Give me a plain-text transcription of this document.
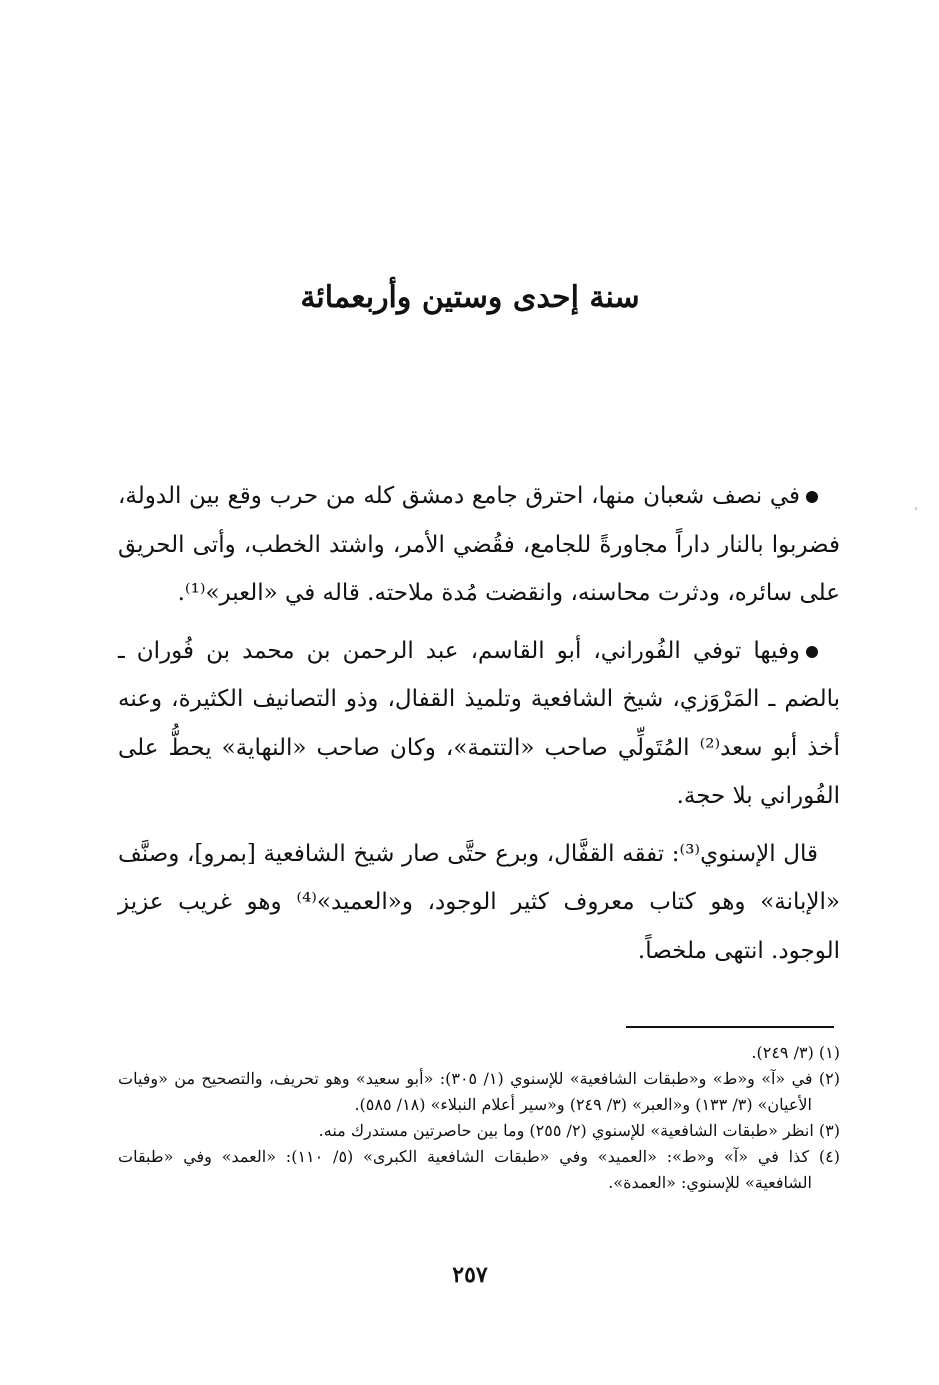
سنة إحدى وستين وأربعمائة

في نصف شعبان منها، احترق جامع دمشق كله من حرب وقع بين الدولة، فضربوا بالنار داراً مجاورةً للجامع، فقُضي الأمر، واشتد الخطب، وأتى الحريق على سائره، ودثرت محاسنه، وانقضت مُدة ملاحته. قاله في «العبر»⁽¹⁾.

وفيها توفي الفُوراني، أبو القاسم، عبد الرحمن بن محمد بن فُوران ـ بالضم ـ المَرْوَزي، شيخ الشافعية وتلميذ القفال، وذو التصانيف الكثيرة، وعنه أخذ أبو سعد⁽²⁾ المُتَولِّي صاحب «التتمة»، وكان صاحب «النهاية» يحطُّ على الفُوراني بلا حجة.

قال الإسنوي⁽³⁾: تفقه القفَّال، وبرع حتَّى صار شيخ الشافعية [بمرو]، وصنَّف «الإبانة» وهو كتاب معروف كثير الوجود، و«العميد»⁽⁴⁾ وهو غريب عزيز الوجود. انتهى ملخصاً.

(١) (٣/ ٢٤٩).

(٢) في «آ» و«ط» و«طبقات الشافعية» للإسنوي (١/ ٣٠٥): «أبو سعيد» وهو تحريف، والتصحيح من «وفيات الأعيان» (٣/ ١٣٣) و«العبر» (٣/ ٢٤٩) و«سير أعلام النبلاء» (١٨/ ٥٨٥).

(٣) انظر «طبقات الشافعية» للإسنوي (٢/ ٢٥٥) وما بين حاصرتين مستدرك منه.

(٤) كذا في «آ» و«ط»: «العميد» وفي «طبقات الشافعية الكبرى» (٥/ ١١٠): «العمد» وفي «طبقات الشافعية» للإسنوي: «العمدة».

٢٥٧
‘
